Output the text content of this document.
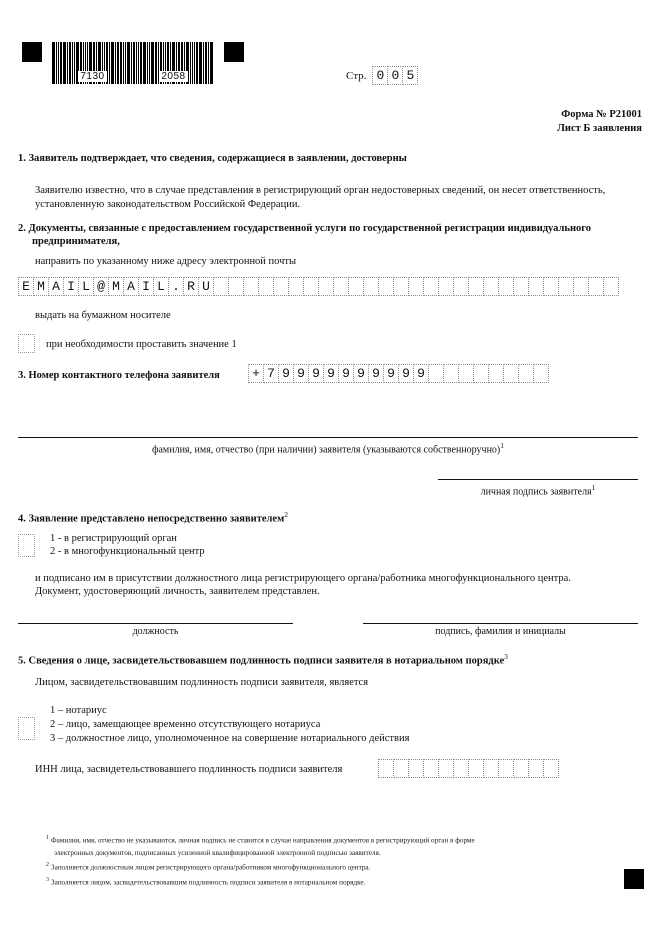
7130	2058	Стр. 0 0 5
Форма № Р21001
Лист Б заявления
1. Заявитель подтверждает, что сведения, содержащиеся в заявлении, достоверны
Заявителю известно, что в случае представления в регистрирующий орган недостоверных сведений, он несет ответственность,
установленную законодательством Российской Федерации.
2. Документы, связанные с предоставлением государственной услуги по государственной регистрации индивидуального
предпринимателя,
направить по указанному ниже адресу электронной почты
E M A I L @ M A I L . R U
выдать на бумажном носителе
при необходимости проставить значение 1
3. Номер контактного телефона заявителя	+ 7 9 9 9 9 9 9 9 9 9 9
фамилия, имя, отчество (при наличии) заявителя (указываются собственноручно)$^1$
личная подпись заявителя$^1$
4. Заявление представлено непосредственно заявителем$^2$
1 - в регистрирующий орган
2 - в многофункциональный центр
и подписано им в присутствии должностного лица регистрирующего органа/работника многофункционального центра.
Документ, удостоверяющий личность, заявителем представлен.
должность	подпись, фамилия и инициалы
5. Сведения о лице, засвидетельствовавшем подлинность подписи заявителя в нотариальном порядке$^3$
Лицом, засвидетельствовавшим подлинность подписи заявителя, является
1 – нотариус
2 – лицо, замещающее временно отсутствующего нотариуса
3 – должностное лицо, уполномоченное на совершение нотариального действия
ИНН лица, засвидетельствовавшего подлинность подписи заявителя
$^1$ Фамилия, имя, отчество не указываются, личная подпись не ставится в случае направления документов в регистрирующий орган в форме
электронных документов, подписанных усиленной квалифицированной электронной подписью заявителя.
$^2$ Заполняется должностным лицом регистрирующего органа/работником многофункционального центра.
$^3$ Заполняется лицом, засвидетельствовавшим подлинность подписи заявителя в нотариальном порядке.
